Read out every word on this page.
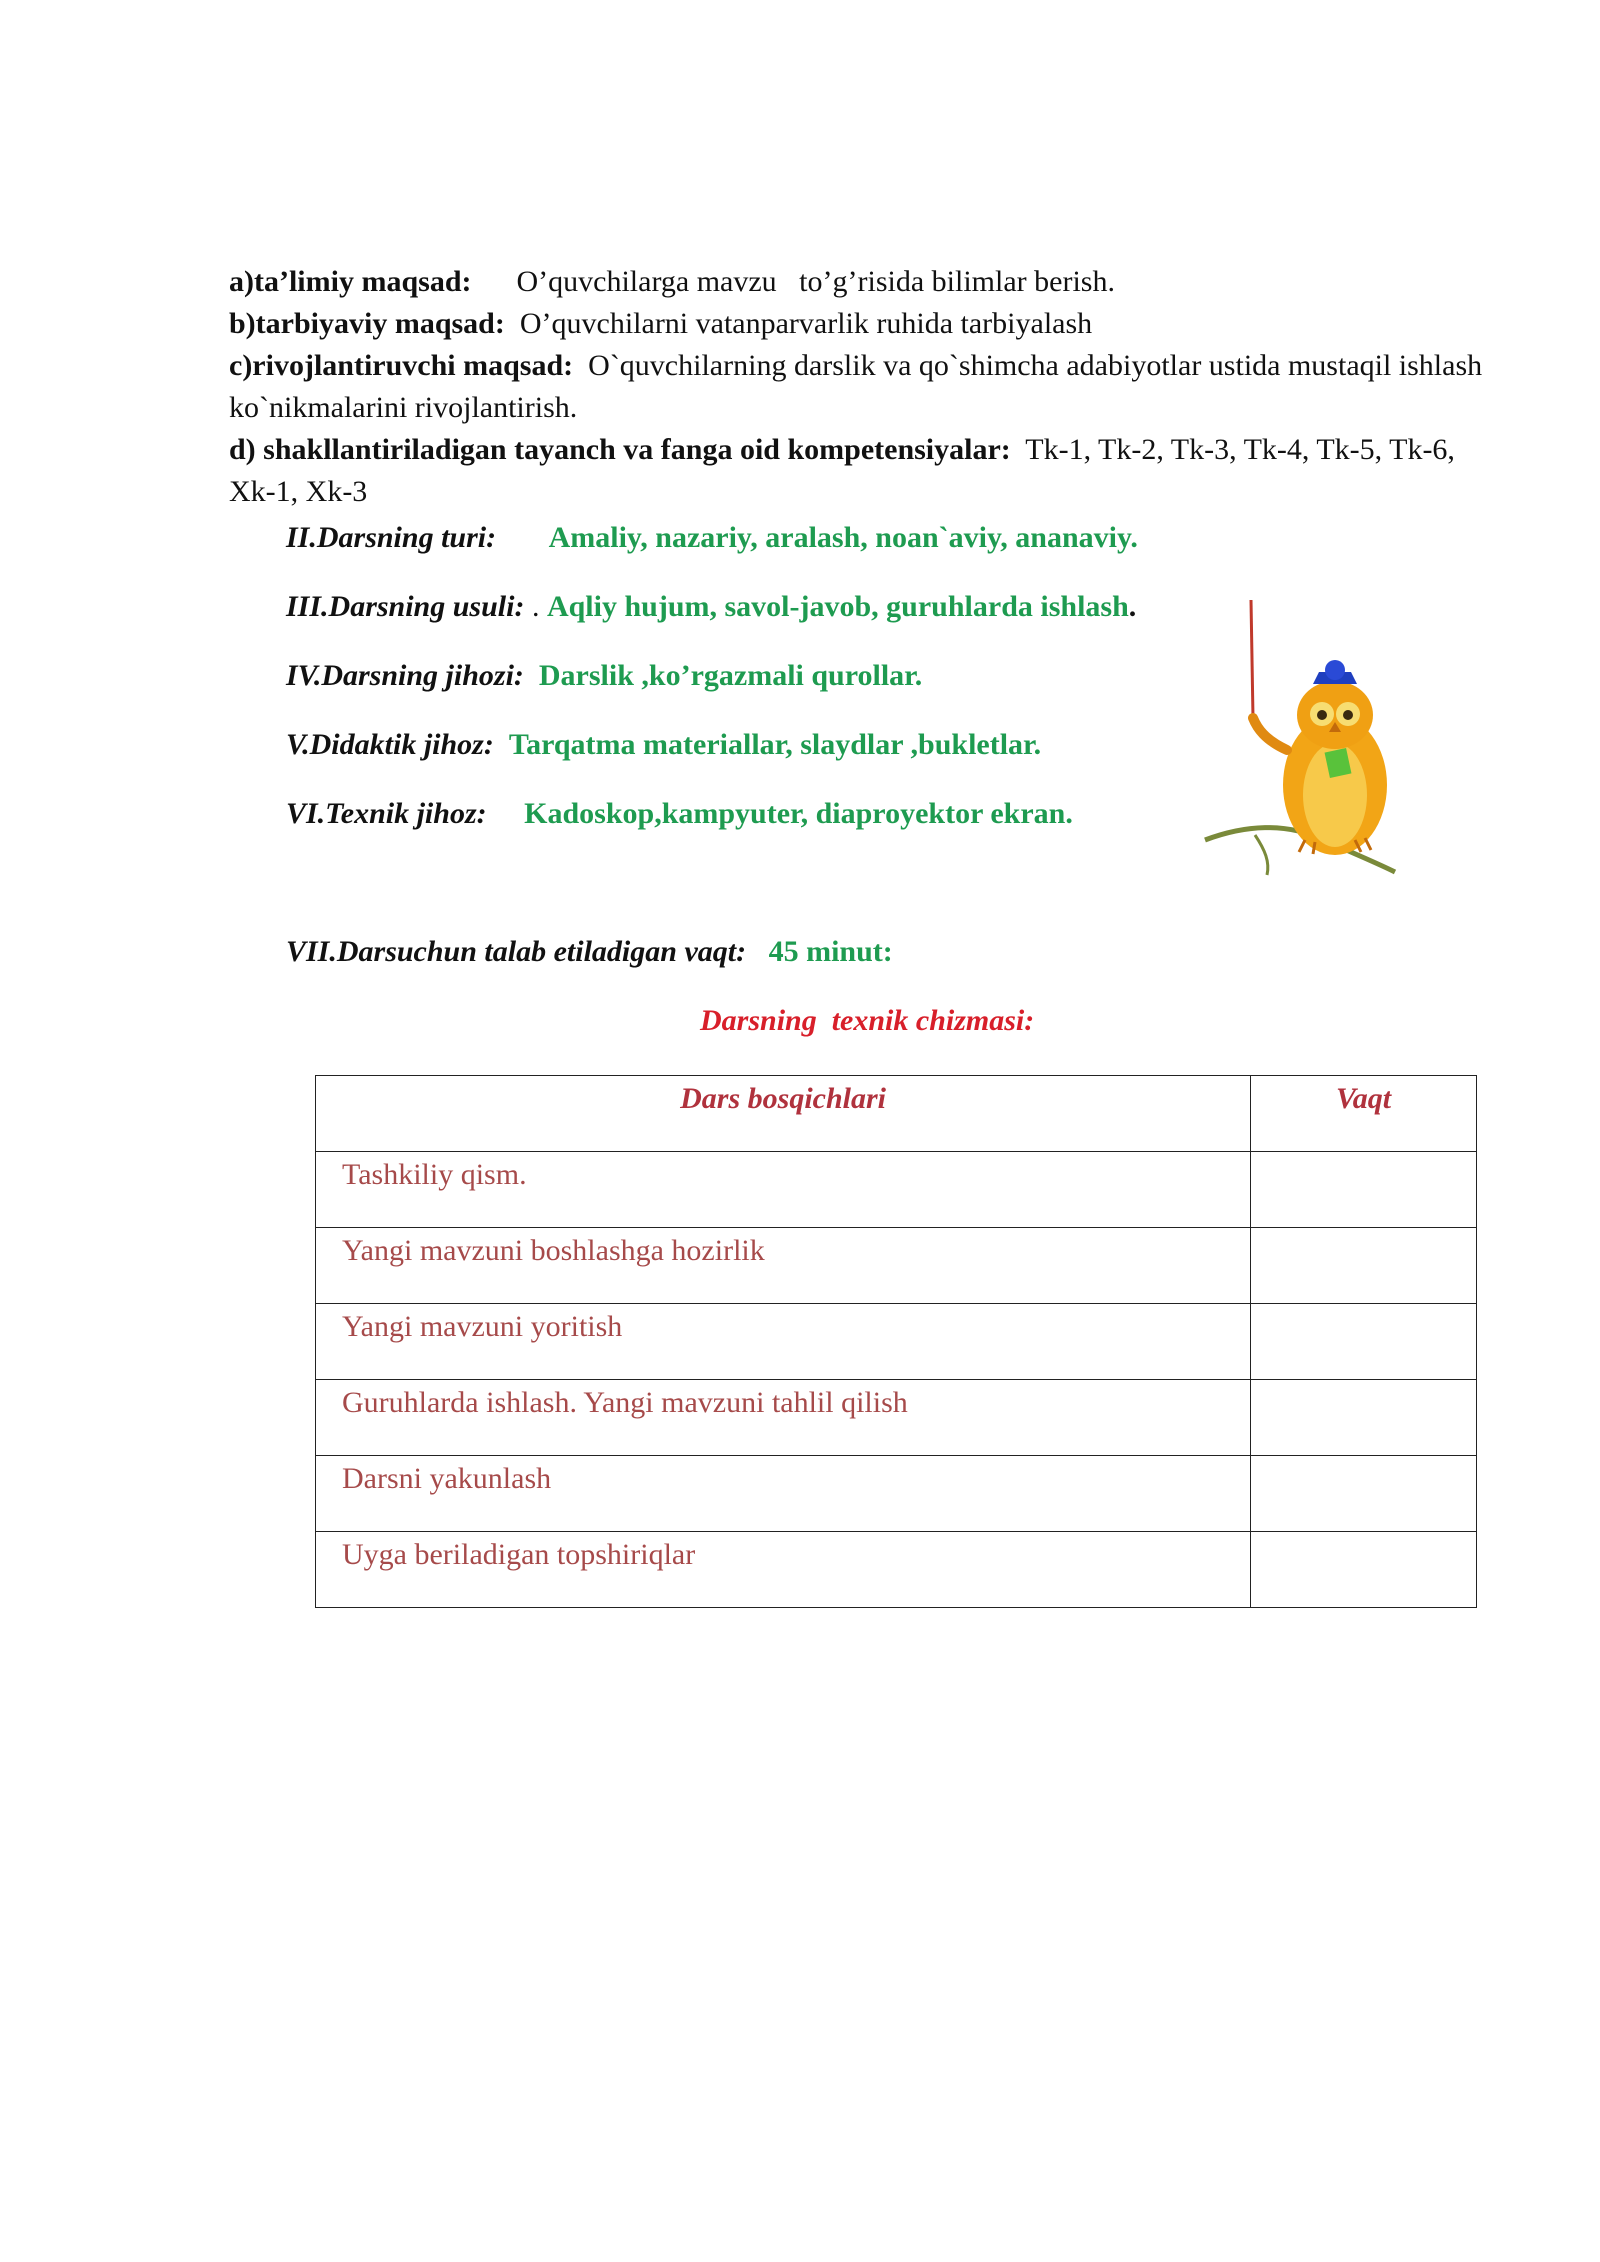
a)ta’limiy maqsad: O’quvchilarga mavzu   to’g’risida bilimlar berish.
b)tarbiyaviy maqsad: O’quvchilarni vatanparvarlik ruhida tarbiyalash
c)rivojlantiruvchi maqsad: O`quvchilarning darslik va qo`shimcha adabiyotlar ustida mustaqil ishlash ko`nikmalarini rivojlantirish.
d) shakllantiriladigan tayanch va fanga oid kompetensiyalar: Tk-1, Tk-2, Tk-3, Tk-4, Tk-5, Tk-6, Xk-1, Xk-3
II.Darsning turi: Amaliy, nazariy, aralash, noan`aviy, ananaviy.
III.Darsning usuli: . Aqliy hujum, savol-javob, guruhlarda ishlash.
IV.Darsning jihozi: Darslik ,ko’rgazmali qurollar.
V.Didaktik jihoz: Tarqatma materiallar, slaydlar ,bukletlar.
VI.Texnik jihoz: Kadoskop,kampyuter, diaproyektor ekran.
VII.Darsuchun talab etiladigan vaqt: 45 minut:
Darsning  texnik chizmasi:
Dars bosqichlari	Vaqt
Tashkiliy qism.	
Yangi mavzuni boshlashga hozirlik	
Yangi mavzuni yoritish	
Guruhlarda ishlash. Yangi mavzuni tahlil qilish	
Darsni yakunlash	
Uyga beriladigan topshiriqlar	
